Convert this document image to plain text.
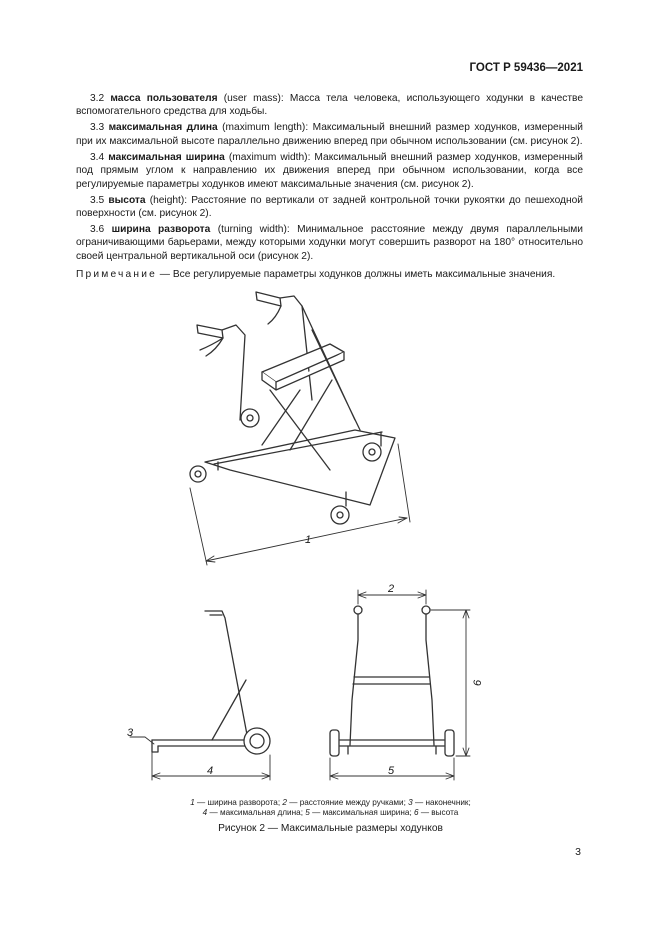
ГОСТ Р 59436—2021

3.2 масса пользователя (user mass): Масса тела человека, использующего ходунки в качестве вспомогательного средства для ходьбы.

3.3 максимальная длина (maximum length): Максимальный внешний размер ходунков, измеренный при их максимальной высоте параллельно движению вперед при обычном использовании (см. рисунок 2).

3.4 максимальная ширина (maximum width): Максимальный внешний размер ходунков, измеренный под прямым углом к направлению их движения вперед при обычном использовании, когда все регулируемые параметры ходунков имеют максимальные значения (см. рисунок 2).

3.5 высота (height): Расстояние по вертикали от задней контрольной точки рукоятки до пешеходной поверхности (см. рисунок 2).

3.6 ширина разворота (turning width): Минимальное расстояние между двумя параллельными ограничивающими барьерами, между которыми ходунки могут совершить разворот на 180° относительно своей центральной вертикальной оси (рисунок 2).

Примечание — Все регулируемые параметры ходунков должны иметь максимальные значения.

1
2
3
4	5
6
1 — ширина разворота; 2 — расстояние между ручками; 3 — наконечник;
4 — максимальная длина; 5 — максимальная ширина; 6 — высота
Рисунок 2 — Максимальные размеры ходунков
3
